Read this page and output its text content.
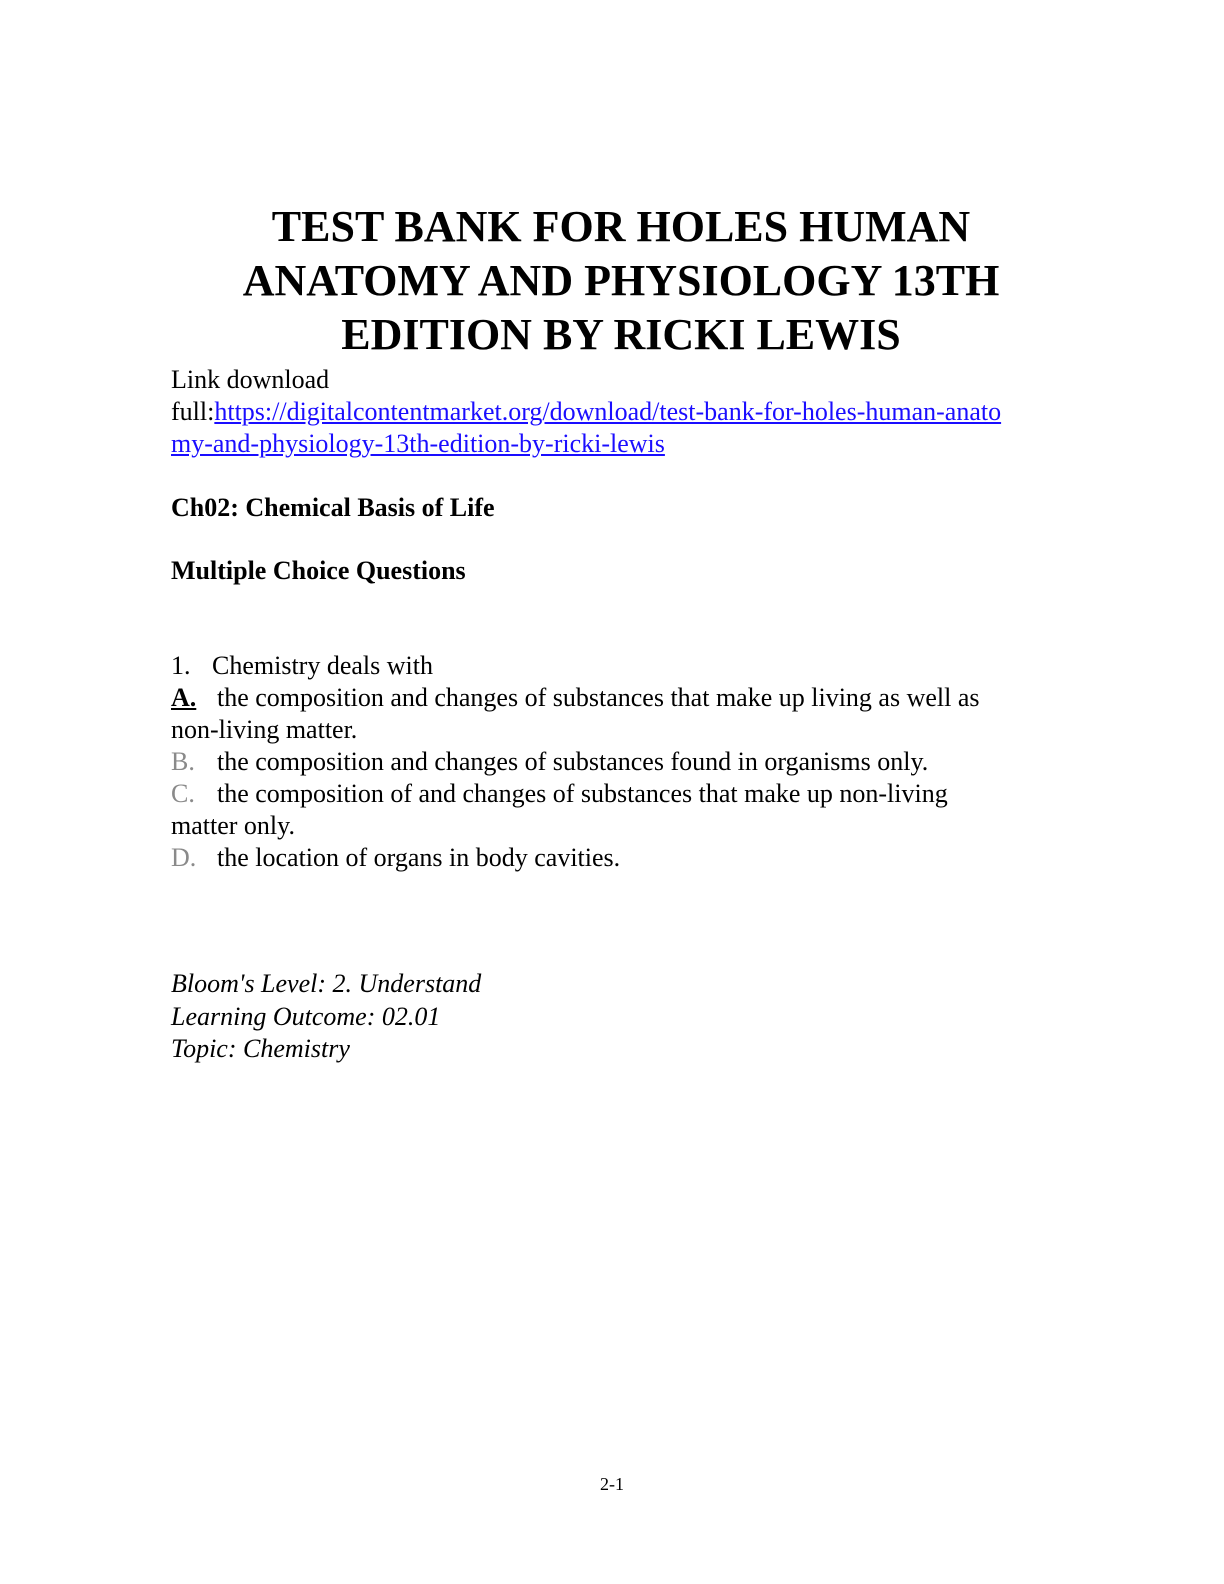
TEST BANK FOR HOLES HUMAN
ANATOMY AND PHYSIOLOGY 13TH
EDITION BY RICKI LEWIS
Link download
full:https://digitalcontentmarket.org/download/test-bank-for-holes-human-anato
my-and-physiology-13th-edition-by-ricki-lewis
Ch02: Chemical Basis of Life
Multiple Choice Questions
1. Chemistry deals with
A. the composition and changes of substances that make up living as well as
non-living matter.
B. the composition and changes of substances found in organisms only.
C. the composition of and changes of substances that make up non-living
matter only.
D. the location of organs in body cavities.
Bloom's Level: 2. Understand
Learning Outcome: 02.01
Topic: Chemistry
2-1
